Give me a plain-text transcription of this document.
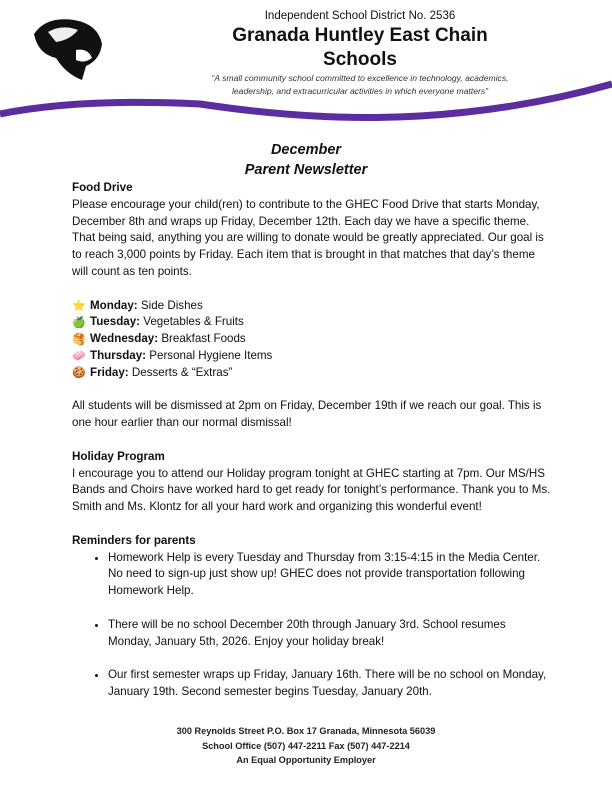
Independent School District No. 2536
Granada Huntley East Chain
Schools
“A small community school committed to excellence in technology, academics,
leadership, and extracurricular activities in which everyone matters”
December
Parent Newsletter

Food Drive

Please encourage your child(ren) to contribute to the GHEC Food Drive that starts Monday, December 8th and wraps up Friday, December 12th. Each day we have a specific theme. That being said, anything you are willing to donate would be greatly appreciated. Our goal is to reach 3,000 points by Friday. Each item that is brought in that matches that day’s theme will count as ten points.

⭐ Monday: Side Dishes
🍏 Tuesday: Vegetables & Fruits
🥞 Wednesday: Breakfast Foods
🧼 Thursday: Personal Hygiene Items
🍪 Friday: Desserts & “Extras”

All students will be dismissed at 2pm on Friday, December 19th if we reach our goal. This is one hour earlier than our normal dismissal!

Holiday Program

I encourage you to attend our Holiday program tonight at GHEC starting at 7pm. Our MS/HS Bands and Choirs have worked hard to get ready for tonight’s performance. Thank you to Ms. Smith and Ms. Klontz for all your hard work and organizing this wonderful event!

Reminders for parents

• Homework Help is every Tuesday and Thursday from 3:15-4:15 in the Media Center. No need to sign-up just show up! GHEC does not provide transportation following Homework Help.
• There will be no school December 20th through January 3rd. School resumes Monday, January 5th, 2026. Enjoy your holiday break!
• Our first semester wraps up Friday, January 16th. There will be no school on Monday, January 19th. Second semester begins Tuesday, January 20th.
300 Reynolds Street P.O. Box 17 Granada, Minnesota 56039
School Office (507) 447-2211 Fax (507) 447-2214
An Equal Opportunity Employer
